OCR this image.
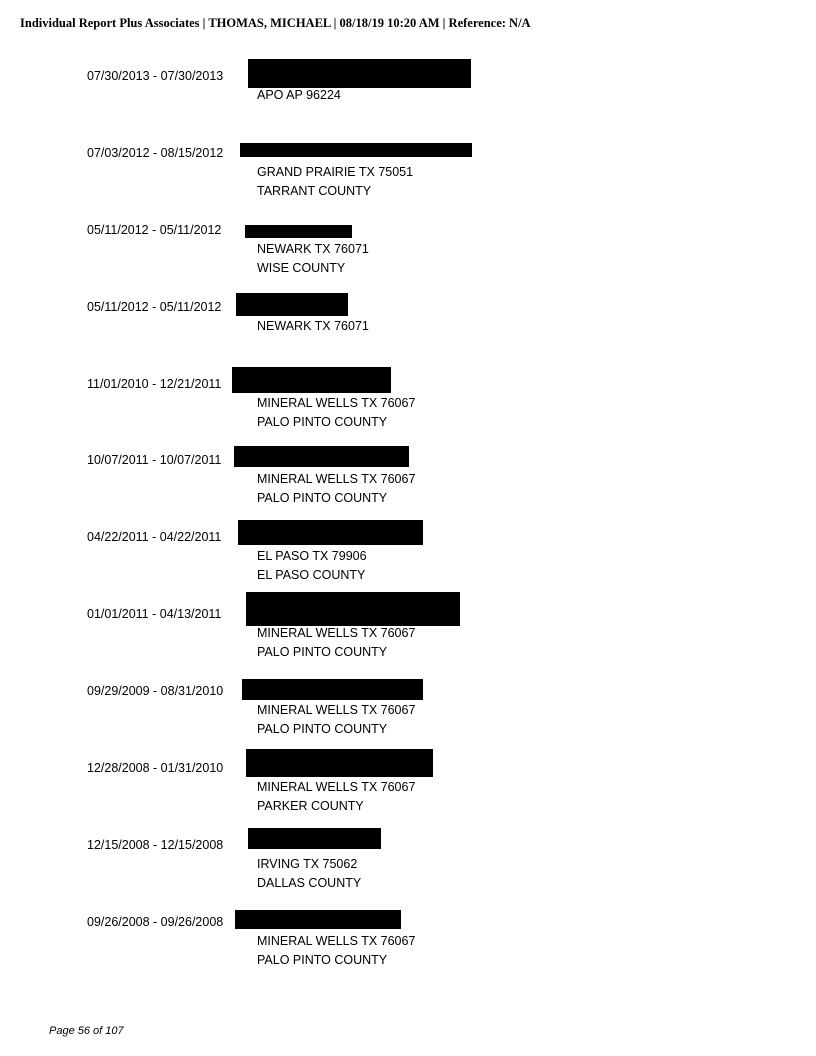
Individual Report Plus Associates | THOMAS, MICHAEL | 08/18/19 10:20 AM | Reference: N/A
07/30/2013 - 07/30/2013
APO AP 96224
07/03/2012 - 08/15/2012
GRAND PRAIRIE TX 75051
TARRANT COUNTY
05/11/2012 - 05/11/2012
NEWARK TX 76071
WISE COUNTY
05/11/2012 - 05/11/2012
NEWARK TX 76071
11/01/2010 - 12/21/2011
MINERAL WELLS TX 76067
PALO PINTO COUNTY
10/07/2011 - 10/07/2011
MINERAL WELLS TX 76067
PALO PINTO COUNTY
04/22/2011 - 04/22/2011
EL PASO TX 79906
EL PASO COUNTY
01/01/2011 - 04/13/2011
MINERAL WELLS TX 76067
PALO PINTO COUNTY
09/29/2009 - 08/31/2010
MINERAL WELLS TX 76067
PALO PINTO COUNTY
12/28/2008 - 01/31/2010
MINERAL WELLS TX 76067
PARKER COUNTY
12/15/2008 - 12/15/2008
IRVING TX 75062
DALLAS COUNTY
09/26/2008 - 09/26/2008
MINERAL WELLS TX 76067
PALO PINTO COUNTY
Page 56 of 107
